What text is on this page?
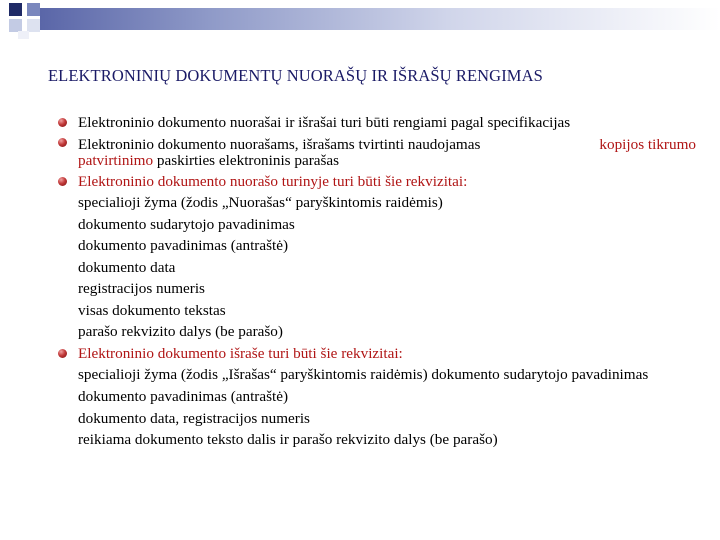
ELEKTRONINIŲ DOKUMENTŲ NUORAŠŲ IR IŠRAŠŲ RENGIMAS
Elektroninio dokumento nuorašai ir išrašai turi būti rengiami pagal specifikacijas
Elektroninio dokumento nuorašams, išrašams tvirtinti naudojamas	kopijos tikrumo
patvirtinimo paskirties elektroninis parašas
Elektroninio dokumento nuorašo turinyje turi būti šie rekvizitai:
specialioji žyma (žodis „Nuorašas“ paryškintomis raidėmis)
dokumento sudarytojo pavadinimas
dokumento pavadinimas (antraštė)
dokumento data
registracijos numeris
visas dokumento tekstas
parašo rekvizito dalys (be parašo)
Elektroninio dokumento išraše turi būti šie rekvizitai:
specialioji žyma (žodis „Išrašas“ paryškintomis raidėmis) dokumento sudarytojo pavadinimas
dokumento pavadinimas (antraštė)
dokumento data, registracijos numeris
reikiama dokumento teksto dalis ir parašo rekvizito dalys (be parašo)
